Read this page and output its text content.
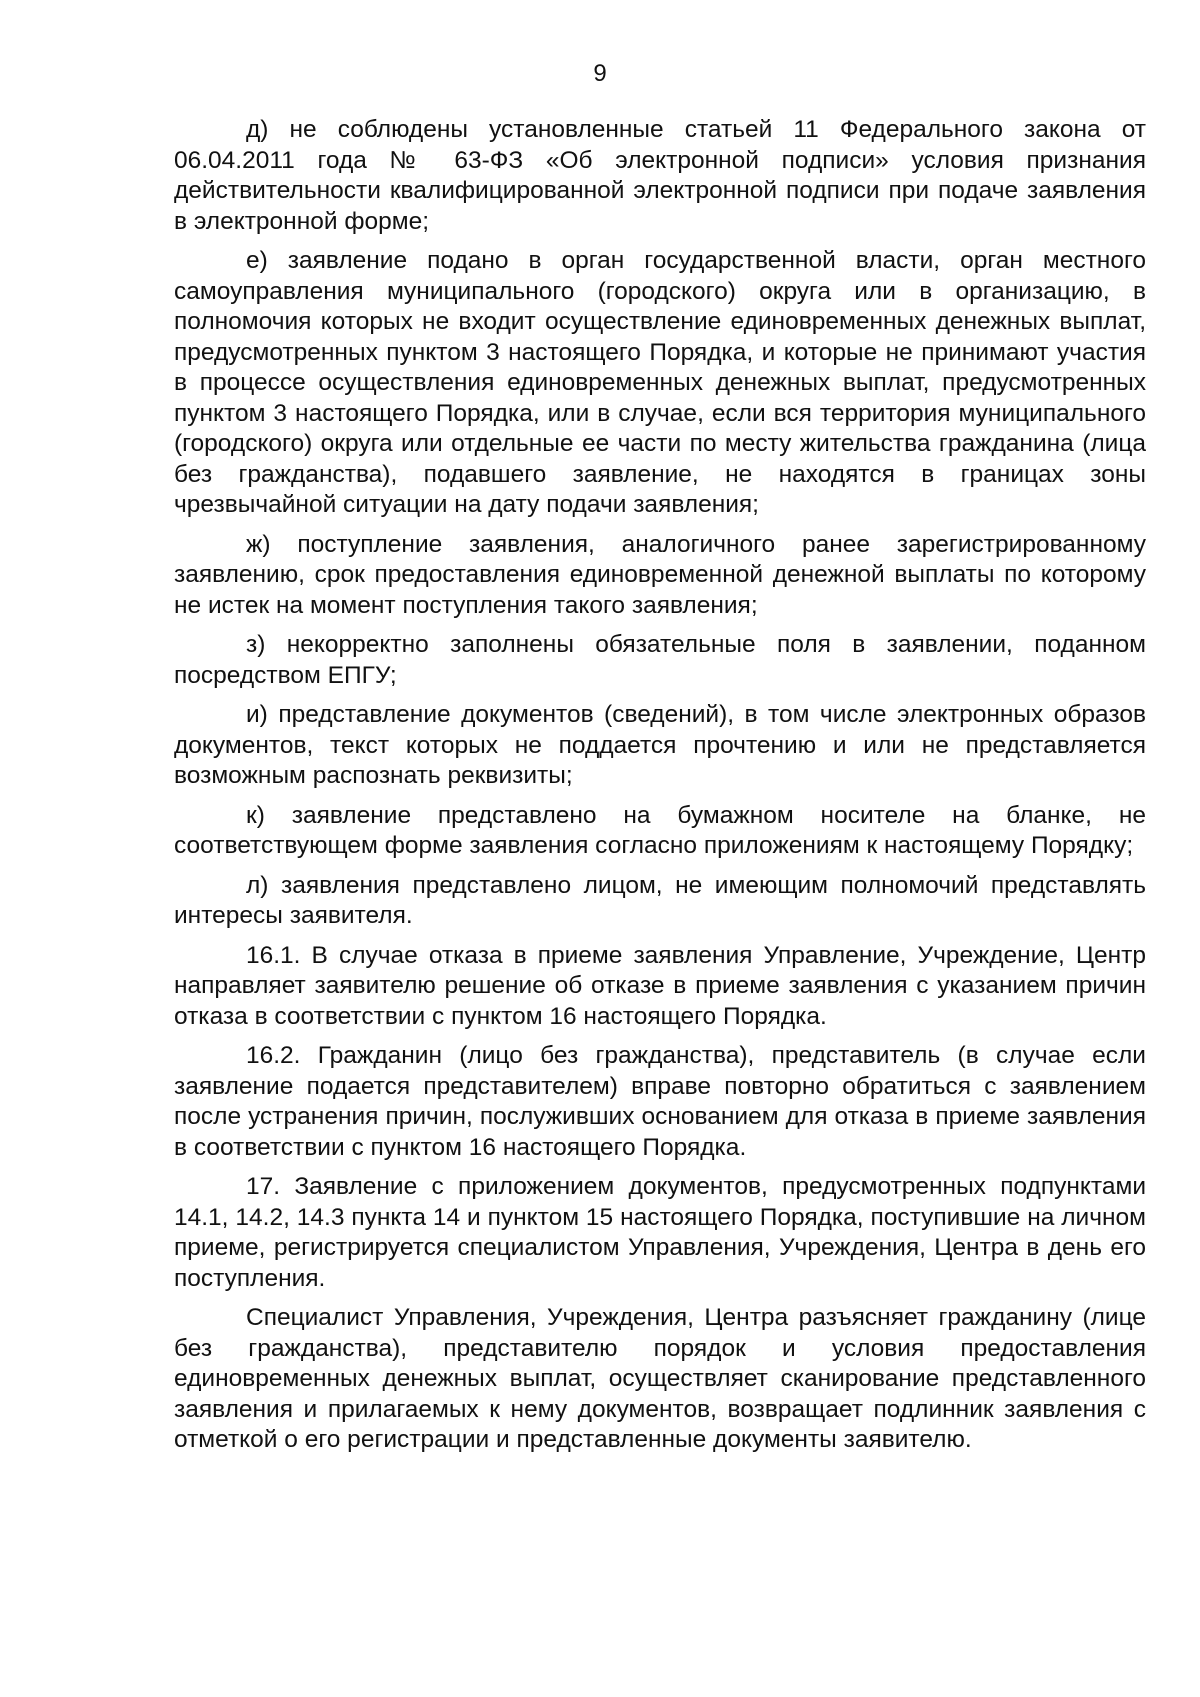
9

д) не соблюдены установленные статьей 11 Федерального закона от 06.04.2011 года № 63-ФЗ «Об электронной подписи» условия признания действительности квалифицированной электронной подписи при подаче заявления в электронной форме;

е) заявление подано в орган государственной власти, орган местного самоуправления муниципального (городского) округа или в организацию, в полномочия которых не входит осуществление единовременных денежных выплат, предусмотренных пунктом 3 настоящего Порядка, и которые не принимают участия в процессе осуществления единовременных денежных выплат, предусмотренных пунктом 3 настоящего Порядка, или в случае, если вся территория муниципального (городского) округа или отдельные ее части по месту жительства гражданина (лица без гражданства), подавшего заявление, не находятся в границах зоны чрезвычайной ситуации на дату подачи заявления;

ж) поступление заявления, аналогичного ранее зарегистрированному заявлению, срок предоставления единовременной денежной выплаты по которому не истек на момент поступления такого заявления;

з) некорректно заполнены обязательные поля в заявлении, поданном посредством ЕПГУ;

и) представление документов (сведений), в том числе электронных образов документов, текст которых не поддается прочтению и или не представляется возможным распознать реквизиты;

к) заявление представлено на бумажном носителе на бланке, не соответствующем форме заявления согласно приложениям к настоящему Порядку;

л) заявления представлено лицом, не имеющим полномочий представлять интересы заявителя.

16.1. В случае отказа в приеме заявления Управление, Учреждение, Центр направляет заявителю решение об отказе в приеме заявления с указанием причин отказа в соответствии с пунктом 16 настоящего Порядка.

16.2. Гражданин (лицо без гражданства), представитель (в случае если заявление подается представителем) вправе повторно обратиться с заявлением после устранения причин, послуживших основанием для отказа в приеме заявления в соответствии с пунктом 16 настоящего Порядка.

17. Заявление с приложением документов, предусмотренных подпунктами 14.1, 14.2, 14.3 пункта 14 и пунктом 15 настоящего Порядка, поступившие на личном приеме, регистрируется специалистом Управления, Учреждения, Центра в день его поступления.

Специалист Управления, Учреждения, Центра разъясняет гражданину (лице без гражданства), представителю порядок и условия предоставления единовременных денежных выплат, осуществляет сканирование представленного заявления и прилагаемых к нему документов, возвращает подлинник заявления с отметкой о его регистрации и представленные документы заявителю.
